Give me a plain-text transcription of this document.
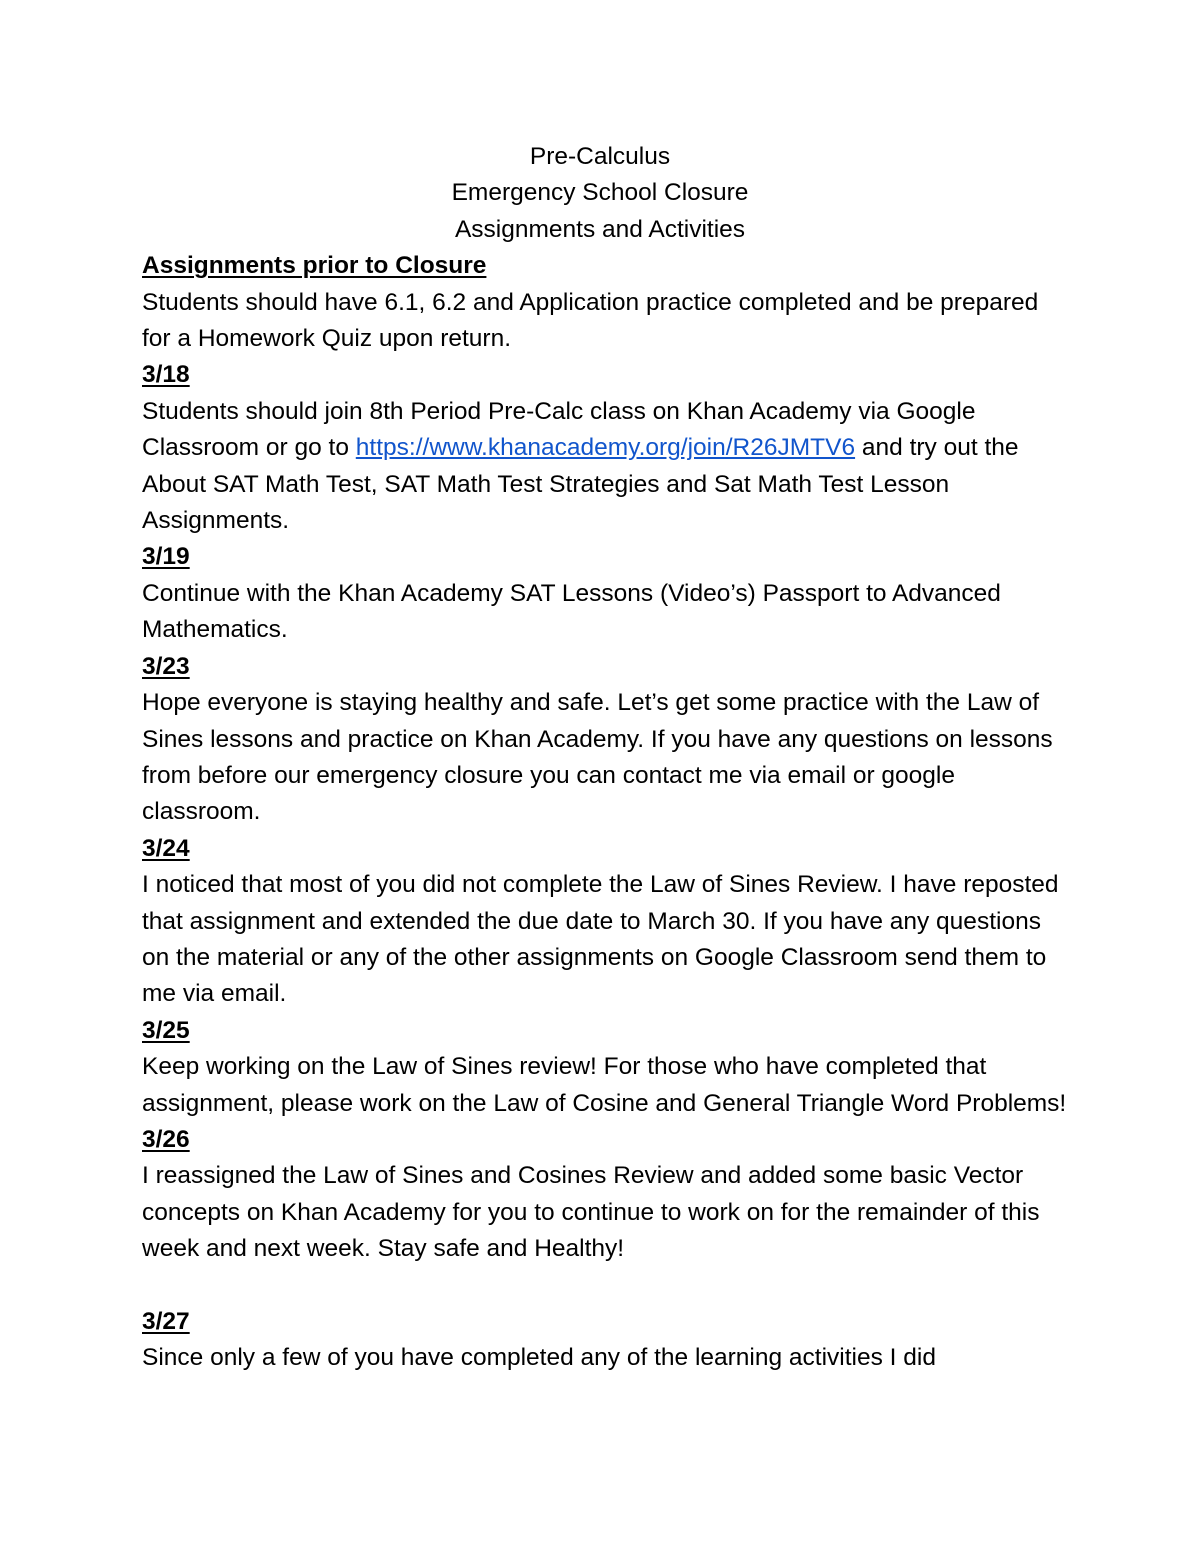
Pre-Calculus
Emergency School Closure
Assignments and Activities
Assignments prior to Closure
Students should have 6.1, 6.2 and Application practice completed and be prepared for a Homework Quiz upon return.
3/18
Students should join 8th Period Pre-Calc class on Khan Academy via Google Classroom or go to https://www.khanacademy.org/join/R26JMTV6 and try out the About SAT Math Test, SAT Math Test Strategies and Sat Math Test Lesson Assignments.
3/19
Continue with the Khan Academy SAT Lessons (Video’s) Passport to Advanced Mathematics.
3/23
Hope everyone is staying healthy and safe. Let’s get some practice with the Law of Sines lessons and practice on Khan Academy. If you have any questions on lessons from before our emergency closure you can contact me via email or google classroom.
3/24
I noticed that most of you did not complete the Law of Sines Review. I have reposted that assignment and extended the due date to March 30. If you have any questions on the material or any of the other assignments on Google Classroom send them to me via email.
3/25
Keep working on the Law of Sines review! For those who have completed that assignment, please work on the Law of Cosine and General Triangle Word Problems!
3/26
I reassigned the Law of Sines and Cosines Review and added some basic Vector concepts on Khan Academy for you to continue to work on for the remainder of this week and next week. Stay safe and Healthy!
3/27
Since only a few of you have completed any of the learning activities I did
